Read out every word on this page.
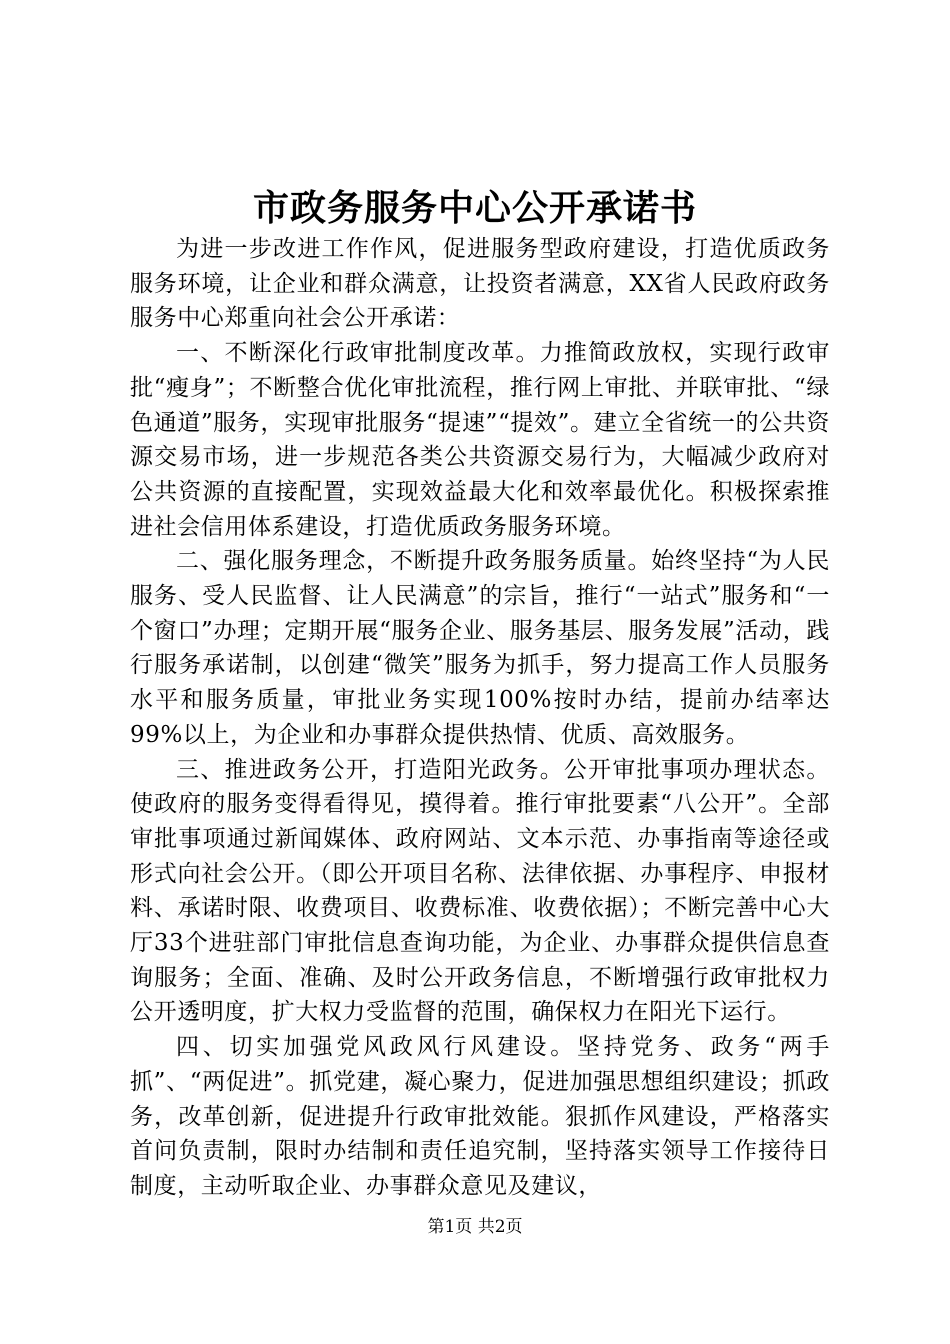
市政务服务中心公开承诺书

为进一步改进工作作风，促进服务型政府建设，打造优质政务服务环境，让企业和群众满意，让投资者满意，XX省人民政府政务服务中心郑重向社会公开承诺：

一、不断深化行政审批制度改革。力推简政放权，实现行政审批“瘦身”；不断整合优化审批流程，推行网上审批、并联审批、“绿色通道”服务，实现审批服务“提速”“提效”。建立全省统一的公共资源交易市场，进一步规范各类公共资源交易行为，大幅减少政府对公共资源的直接配置，实现效益最大化和效率最优化。积极探索推进社会信用体系建设，打造优质政务服务环境。

二、强化服务理念，不断提升政务服务质量。始终坚持“为人民服务、受人民监督、让人民满意”的宗旨，推行“一站式”服务和“一个窗口”办理；定期开展“服务企业、服务基层、服务发展”活动，践行服务承诺制，以创建“微笑”服务为抓手，努力提高工作人员服务水平和服务质量，审批业务实现100%按时办结，提前办结率达99%以上，为企业和办事群众提供热情、优质、高效服务。

三、推进政务公开，打造阳光政务。公开审批事项办理状态。使政府的服务变得看得见，摸得着。推行审批要素“八公开”。全部审批事项通过新闻媒体、政府网站、文本示范、办事指南等途径或形式向社会公开。（即公开项目名称、法律依据、办事程序、申报材料、承诺时限、收费项目、收费标准、收费依据）；不断完善中心大厅33个进驻部门审批信息查询功能，为企业、办事群众提供信息查询服务；全面、准确、及时公开政务信息，不断增强行政审批权力公开透明度，扩大权力受监督的范围，确保权力在阳光下运行。

四、切实加强党风政风行风建设。坚持党务、政务“两手抓”、“两促进”。抓党建，凝心聚力，促进加强思想组织建设；抓政务，改革创新，促进提升行政审批效能。狠抓作风建设，严格落实首问负责制，限时办结制和责任追究制，坚持落实领导工作接待日制度，主动听取企业、办事群众意见及建议，

第1页 共2页
